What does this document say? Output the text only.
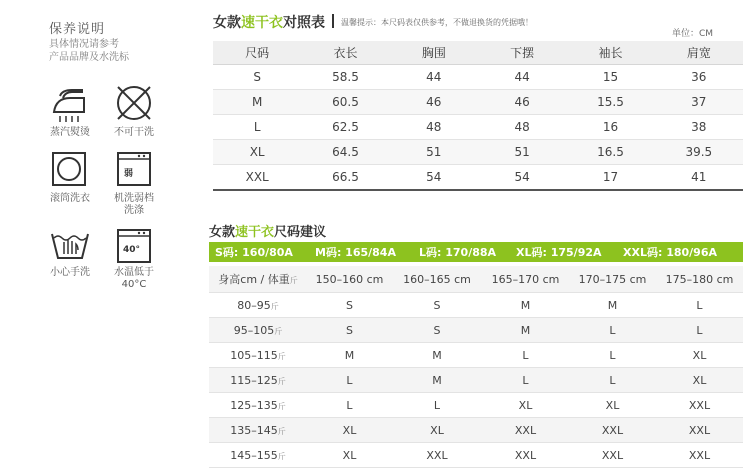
保养说明
具体情况请参考
产品品牌及水洗标
蒸汽熨烫	不可干洗
滚筒洗衣
弱
机洗弱档
洗涤
小心手洗
40°
水温低于
40°C
女款速干衣对照表 温馨提示：本尺码表仅供参考，不做退换货的凭据哦！
单位：CM
尺码	衣长	胸围	下摆	袖长	肩宽
S	58.5	44	44	15	36
M	60.5	46	46	15.5	37
L	62.5	48	48	16	38
XL	64.5	51	51	16.5	39.5
XXL	66.5	54	54	17	41
女款速干衣尺码建议
S码: 160/80A M码: 165/84A L码: 170/88A XL码: 175/92A XXL码: 180/96A
身高cm / 体重斤	150–160 cm	160–165 cm	165–170 cm	170–175 cm	175–180 cm
80–95斤	S	S	M	M	L
95–105斤	S	S	M	L	L
105–115斤	M	M	L	L	XL
115–125斤	L	M	L	L	XL
125–135斤	L	L	XL	XL	XXL
135–145斤	XL	XL	XXL	XXL	XXL
145–155斤	XL	XXL	XXL	XXL	XXL
